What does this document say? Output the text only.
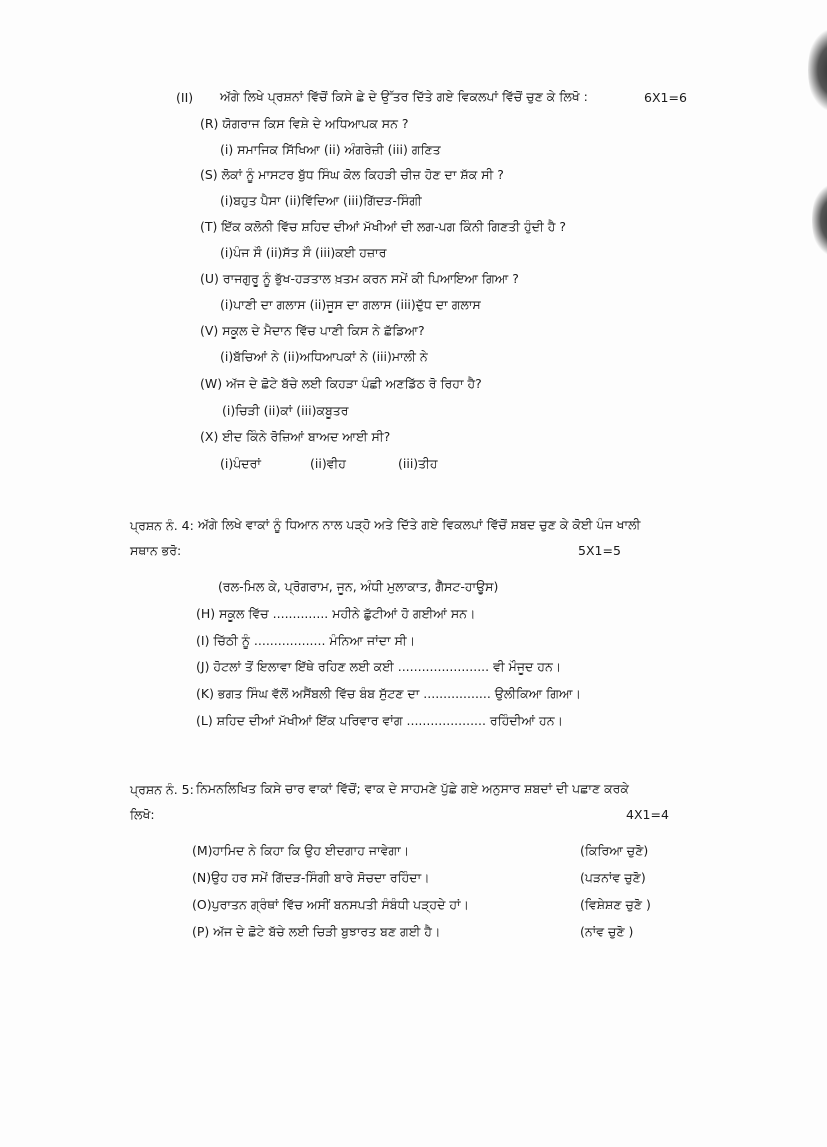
(II) ਅੱਗੇ ਲਿਖੇ ਪ੍ਰਸ਼ਨਾਂ ਵਿੱਚੋਂ ਕਿਸੇ ਛੇ ਦੇ ਉੱਤਰ ਦਿੱਤੇ ਗਏ ਵਿਕਲਪਾਂ ਵਿੱਚੋਂ ਚੁਣ ਕੇ ਲਿਖੋ :	6X1=6
(R) ਯੋਗਰਾਜ ਕਿਸ ਵਿਸ਼ੇ ਦੇ ਅਧਿਆਪਕ ਸਨ ?
(i) ਸਮਾਜਿਕ ਸਿੱਖਿਆ (ii) ਅੰਗਰੇਜ਼ੀ (iii) ਗਣਿਤ
(S) ਲੋਕਾਂ ਨੂੰ ਮਾਸਟਰ ਬੁੱਧ ਸਿੰਘ ਕੋਲ ਕਿਹੜੀ ਚੀਜ਼ ਹੋਣ ਦਾ ਸ਼ੱਕ ਸੀ ?
(i)ਬਹੁਤ ਪੈਸਾ (ii)ਵਿੱਦਿਆ (iii)ਗਿੱਦੜ-ਸਿੰਗੀ
(T) ਇੱਕ ਕਲੋਨੀ ਵਿੱਚ ਸ਼ਹਿਦ ਦੀਆਂ ਮੱਖੀਆਂ ਦੀ ਲਗ-ਪਗ ਕਿੰਨੀ ਗਿਣਤੀ ਹੁੰਦੀ ਹੈ ?
(i)ਪੰਜ ਸੌ (ii)ਸੱਤ ਸੌ (iii)ਕਈ ਹਜ਼ਾਰ
(U) ਰਾਜਗੁਰੂ ਨੂੰ ਭੁੱਖ-ਹੜਤਾਲ ਖ਼ਤਮ ਕਰਨ ਸਮੇਂ ਕੀ ਪਿਆਇਆ ਗਿਆ ?
(i)ਪਾਣੀ ਦਾ ਗਲਾਸ (ii)ਜੂਸ ਦਾ ਗਲਾਸ (iii)ਦੁੱਧ ਦਾ ਗਲਾਸ
(V) ਸਕੂਲ ਦੇ ਮੈਦਾਨ ਵਿੱਚ ਪਾਣੀ ਕਿਸ ਨੇ ਛੱਡਿਆ?
(i)ਬੱਚਿਆਂ ਨੇ (ii)ਅਧਿਆਪਕਾਂ ਨੇ (iii)ਮਾਲੀ ਨੇ
(W) ਅੱਜ ਦੇ ਛੋਟੇ ਬੱਚੇ ਲਈ ਕਿਹੜਾ ਪੰਛੀ ਅਣਡਿੱਠ ਰੋ ਰਿਹਾ ਹੈ?
(i)ਚਿੜੀ (ii)ਕਾਂ (iii)ਕਬੂਤਰ
(X) ਈਦ ਕਿੰਨੇ ਰੋਜ਼ਿਆਂ ਬਾਅਦ ਆਈ ਸੀ?
(i)ਪੰਦਰਾਂ	(ii)ਵੀਹ	(iii)ਤੀਹ
ਪ੍ਰਸ਼ਨ ਨੰ. 4: ਅੱਗੇ ਲਿਖੇ ਵਾਕਾਂ ਨੂੰ ਧਿਆਨ ਨਾਲ ਪੜ੍ਹੋ ਅਤੇ ਦਿੱਤੇ ਗਏ ਵਿਕਲਪਾਂ ਵਿੱਚੋਂ ਸ਼ਬਦ ਚੁਣ ਕੇ ਕੋਈ ਪੰਜ ਖਾਲੀ
ਸਥਾਨ ਭਰੋ:	5X1=5
(ਰਲ-ਮਿਲ ਕੇ, ਪ੍ਰੋਗਰਾਮ, ਜੂਨ, ਅੰਧੀ ਮੁਲਾਕਾਤ, ਗੈੱਸਟ-ਹਾਊਸ)
(H) ਸਕੂਲ ਵਿੱਚ .............. ਮਹੀਨੇ ਛੁੱਟੀਆਂ ਹੋ ਗਈਆਂ ਸਨ।
(I) ਚਿੱਠੀ ਨੂੰ .................. ਮੰਨਿਆ ਜਾਂਦਾ ਸੀ।
(J) ਹੋਟਲਾਂ ਤੋਂ ਇਲਾਵਾ ਇੱਥੇ ਰਹਿਣ ਲਈ ਕਈ ....................... ਵੀ ਮੌਜੂਦ ਹਨ।
(K) ਭਗਤ ਸਿੰਘ ਵੱਲੋਂ ਅਸੈਂਬਲੀ ਵਿੱਚ ਬੰਬ ਸੁੱਟਣ ਦਾ ................. ਉਲੀਕਿਆ ਗਿਆ।
(L) ਸ਼ਹਿਦ ਦੀਆਂ ਮੱਖੀਆਂ ਇੱਕ ਪਰਿਵਾਰ ਵਾਂਗ .................... ਰਹਿੰਦੀਆਂ ਹਨ।
ਪ੍ਰਸ਼ਨ ਨੰ. 5: ਨਿਮਨਲਿਖਿਤ ਕਿਸੇ ਚਾਰ ਵਾਕਾਂ ਵਿੱਚੋਂ; ਵਾਕ ਦੇ ਸਾਹਮਣੇ ਪੁੱਛੇ ਗਏ ਅਨੁਸਾਰ ਸ਼ਬਦਾਂ ਦੀ ਪਛਾਣ ਕਰਕੇ
ਲਿਖੋ:	4X1=4
(M)ਹਾਮਿਦ ਨੇ ਕਿਹਾ ਕਿ ਉਹ ਈਦਗਾਹ ਜਾਵੇਗਾ।	(ਕਿਰਿਆ ਚੁਣੋ)
(N)ਉਹ ਹਰ ਸਮੇਂ ਗਿੱਦੜ-ਸਿੰਗੀ ਬਾਰੇ ਸੋਚਦਾ ਰਹਿੰਦਾ।	(ਪੜਨਾਂਵ ਚੁਣੋ)
(O)ਪੁਰਾਤਨ ਗ੍ਰੰਥਾਂ ਵਿੱਚ ਅਸੀਂ ਬਨਸਪਤੀ ਸੰਬੰਧੀ ਪੜ੍ਹਦੇ ਹਾਂ।	(ਵਿਸ਼ੇਸ਼ਣ ਚੁਣੋ )
(P) ਅੱਜ ਦੇ ਛੋਟੇ ਬੱਚੇ ਲਈ ਚਿੜੀ ਬੁਝਾਰਤ ਬਣ ਗਈ ਹੈ।	(ਨਾਂਵ ਚੁਣੋ )
